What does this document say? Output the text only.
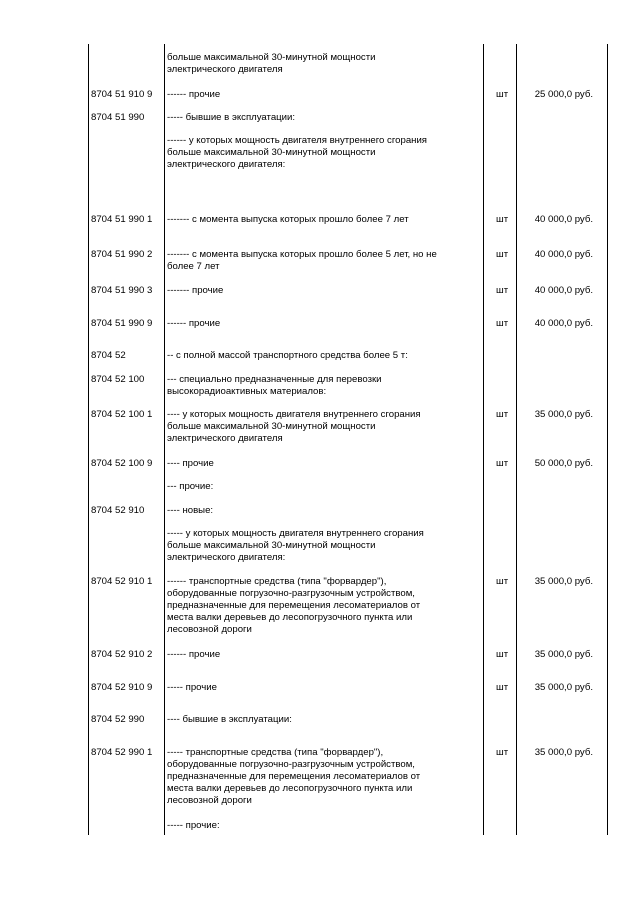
больше максимальной 30-минутной мощности
электрического двигателя
8704 51 910 9 ------ прочие	шт	25 000,0 руб.
8704 51 990 ----- бывшие в эксплуатации:
------ у которых мощность двигателя внутреннего сгорания
больше максимальной 30-минутной мощности
электрического двигателя:
8704 51 990 1 ------- с момента выпуска которых прошло более 7 лет	шт	40 000,0 руб.
8704 51 990 2 ------- с момента выпуска которых прошло более 5 лет, но не
более 7 лет
шт	40 000,0 руб.
8704 51 990 3 ------- прочие	шт	40 000,0 руб.
8704 51 990 9 ------ прочие	шт	40 000,0 руб.
8704 52	-- с полной массой транспортного средства более 5 т:
8704 52 100 --- специально предназначенные для перевозки
высокорадиоактивных материалов:
8704 52 100 1 ---- у которых мощность двигателя внутреннего сгорания
больше максимальной 30-минутной мощности
электрического двигателя
шт	35 000,0 руб.
8704 52 100 9 ---- прочие	шт	50 000,0 руб.
--- прочие:
8704 52 910 ---- новые:
----- у которых мощность двигателя внутреннего сгорания
больше максимальной 30-минутной мощности
электрического двигателя:
8704 52 910 1 ------ транспортные средства (типа "форвардер"),
оборудованные погрузочно-разгрузочным устройством,
предназначенные для перемещения лесоматериалов от
места валки деревьев до лесопогрузочного пункта или
лесовозной дороги
шт	35 000,0 руб.
8704 52 910 2 ------ прочие	шт	35 000,0 руб.
8704 52 910 9 ----- прочие	шт	35 000,0 руб.
8704 52 990 ---- бывшие в эксплуатации:
8704 52 990 1 ----- транспортные средства (типа "форвардер"),
оборудованные погрузочно-разгрузочным устройством,
предназначенные для перемещения лесоматериалов от
места валки деревьев до лесопогрузочного пункта или
лесовозной дороги
шт	35 000,0 руб.
----- прочие:
